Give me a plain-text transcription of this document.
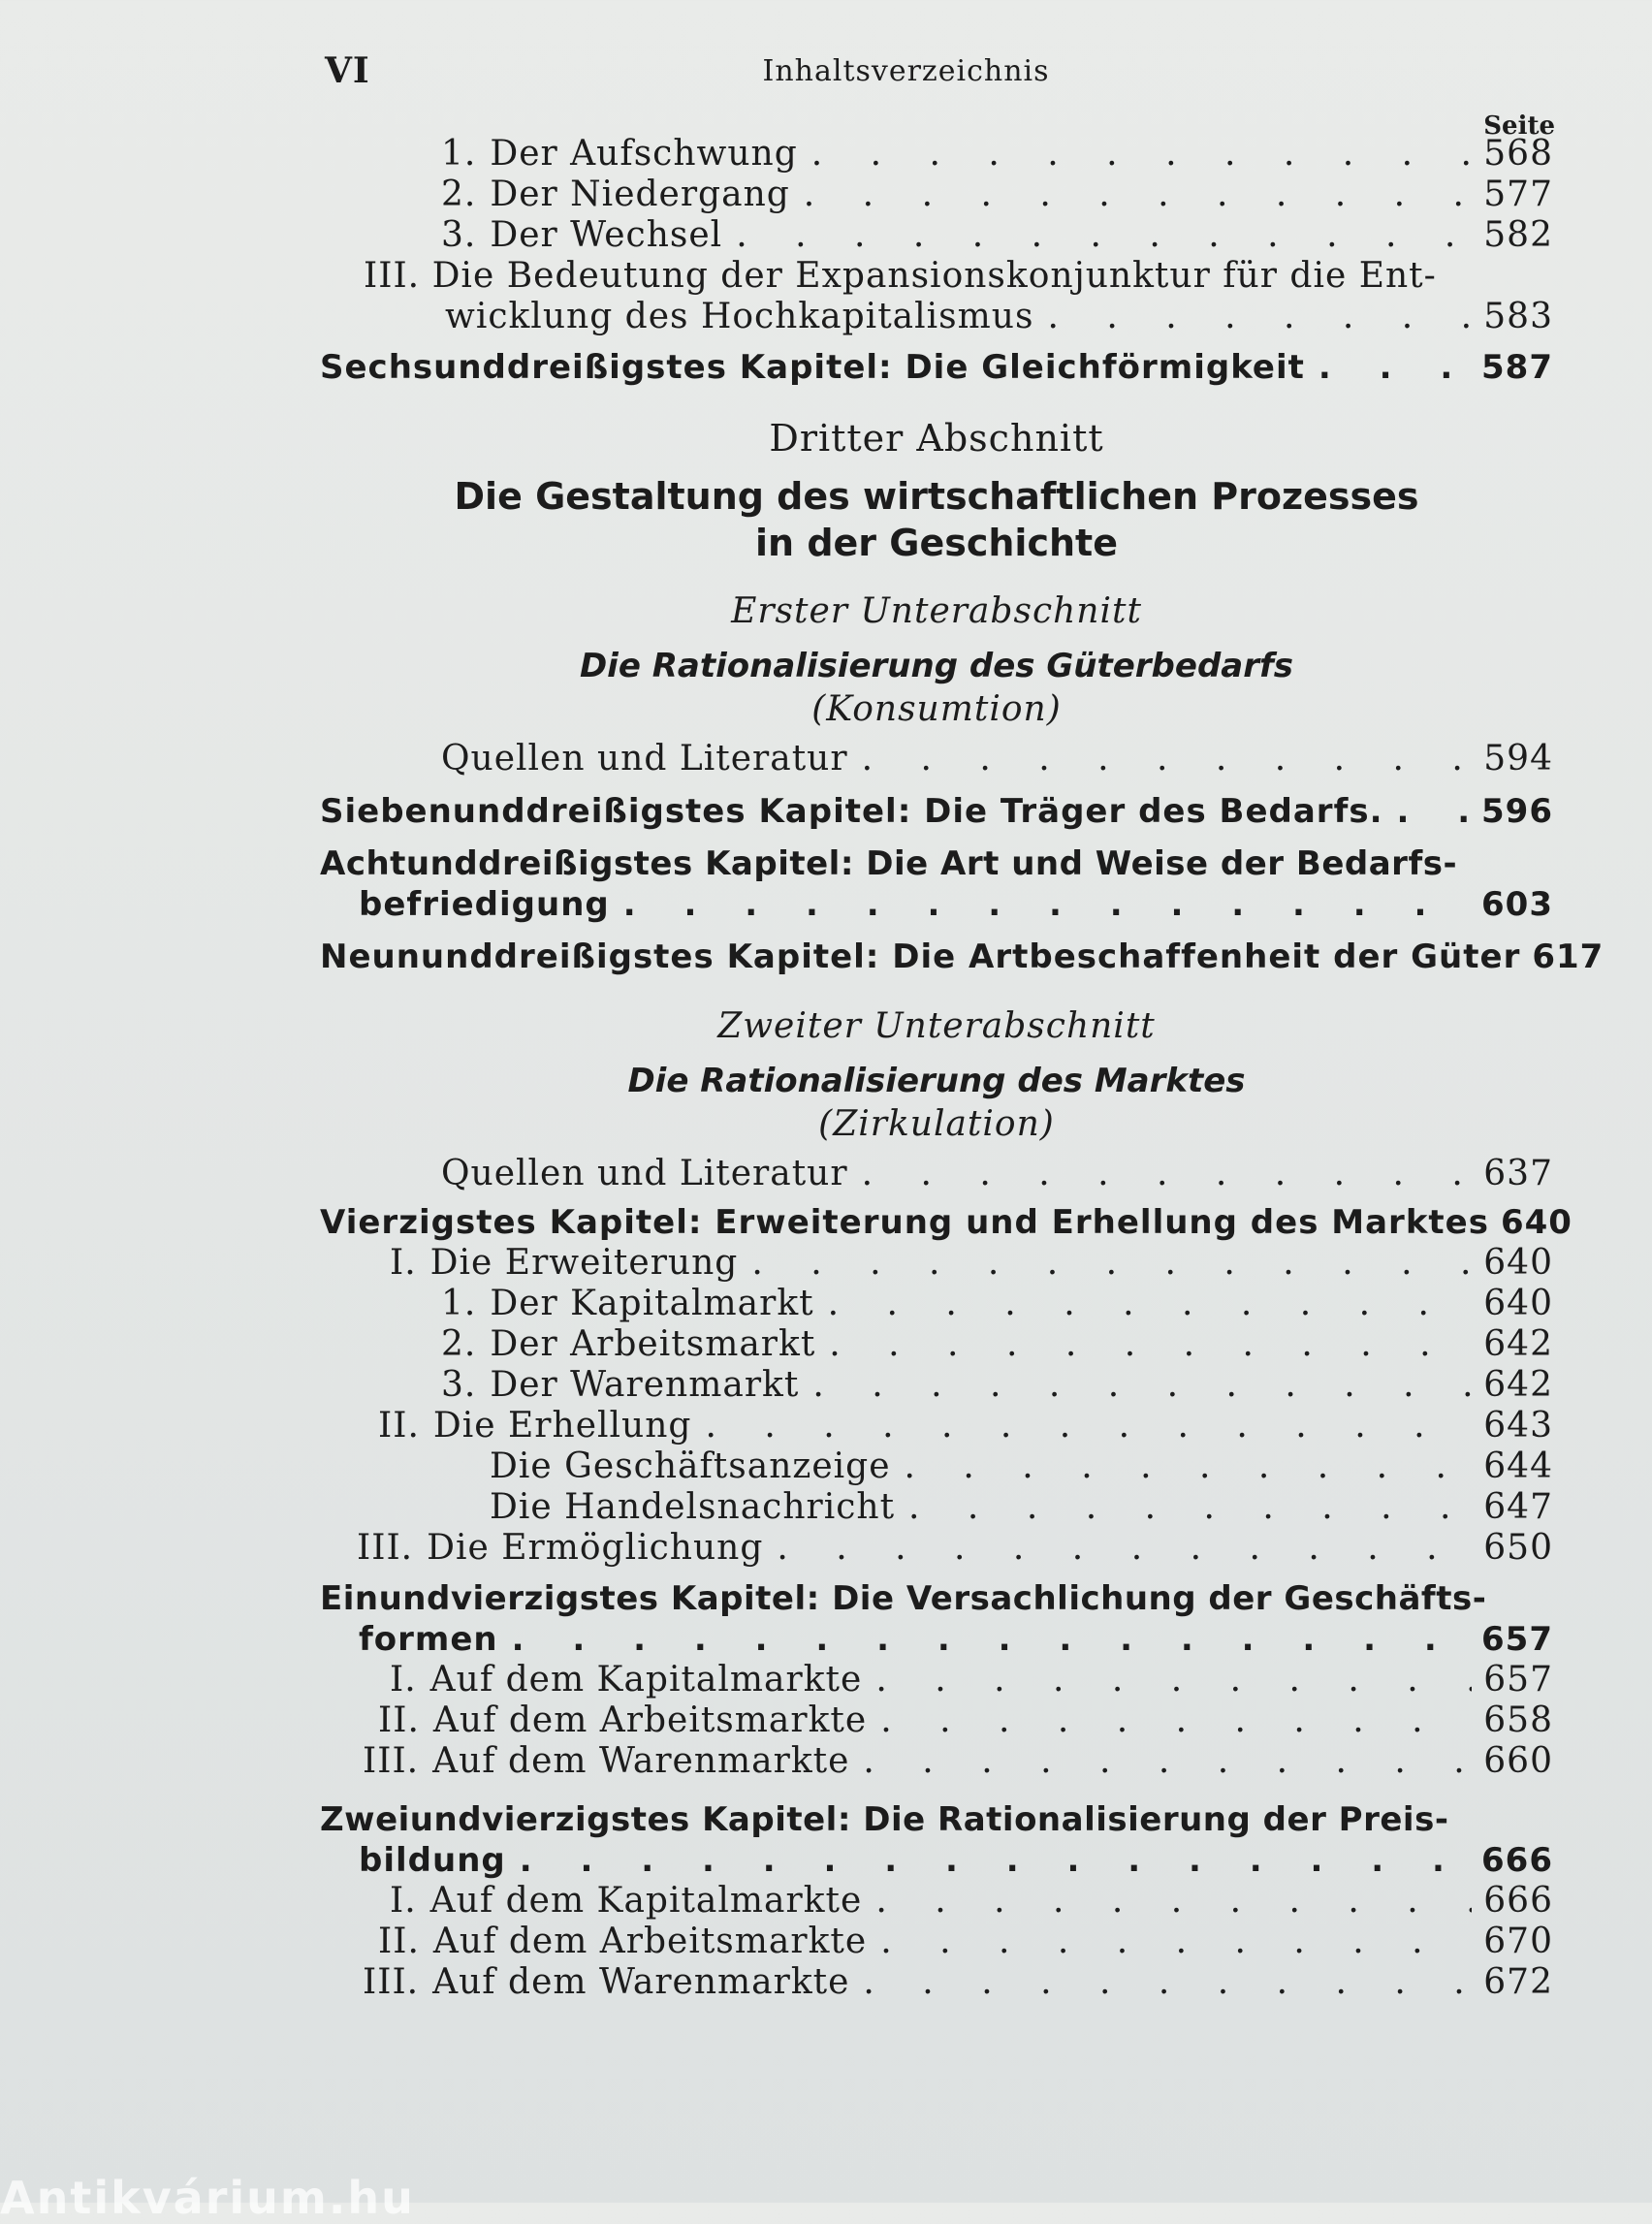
VI	Inhaltsverzeichnis
Seite
1. Der Aufschwung . . .	568
2. Der Niedergang . . .	577
3. Der Wechsel . . .	582
III. Die Bedeutung der Expansionskonjunktur für die Ent-
wicklung des Hochkapitalismus . . .	583
Sechsunddreißigstes Kapitel: Die Gleichförmigkeit . . .	587
Dritter Abschnitt
Die Gestaltung des wirtschaftlichen Prozesses
in der Geschichte
Erster Unterabschnitt
Die Rationalisierung des Güterbedarfs
(Konsumtion)
Quellen und Literatur . . .	594
Siebenunddreißigstes Kapitel: Die Träger des Bedarfs. . . .	596
Achtunddreißigstes Kapitel: Die Art und Weise der Bedarfs-
befriedigung . . .	603
Neununddreißigstes Kapitel: Die Artbeschaffenheit der Güter 617
Zweiter Unterabschnitt
Die Rationalisierung des Marktes
(Zirkulation)
Quellen und Literatur . . .	637
Vierzigstes Kapitel: Erweiterung und Erhellung des Marktes 640
I. Die Erweiterung . . .	640
1. Der Kapitalmarkt . . .	640
2. Der Arbeitsmarkt . . .	642
3. Der Warenmarkt . . .	642
II. Die Erhellung . . .	643
Die Geschäftsanzeige . . .	644
Die Handelsnachricht . . .	647
III. Die Ermöglichung . . .	650
Einundvierzigstes Kapitel: Die Versachlichung der Geschäfts-
formen . . .	657
I. Auf dem Kapitalmarkte . . .	657
II. Auf dem Arbeitsmarkte . . .	658
III. Auf dem Warenmarkte . . .	660
Zweiundvierzigstes Kapitel: Die Rationalisierung der Preis-
bildung . . .	666
I. Auf dem Kapitalmarkte . . .	666
II. Auf dem Arbeitsmarkte . . .	670
III. Auf dem Warenmarkte . . .	672
Antikvárium.hu
